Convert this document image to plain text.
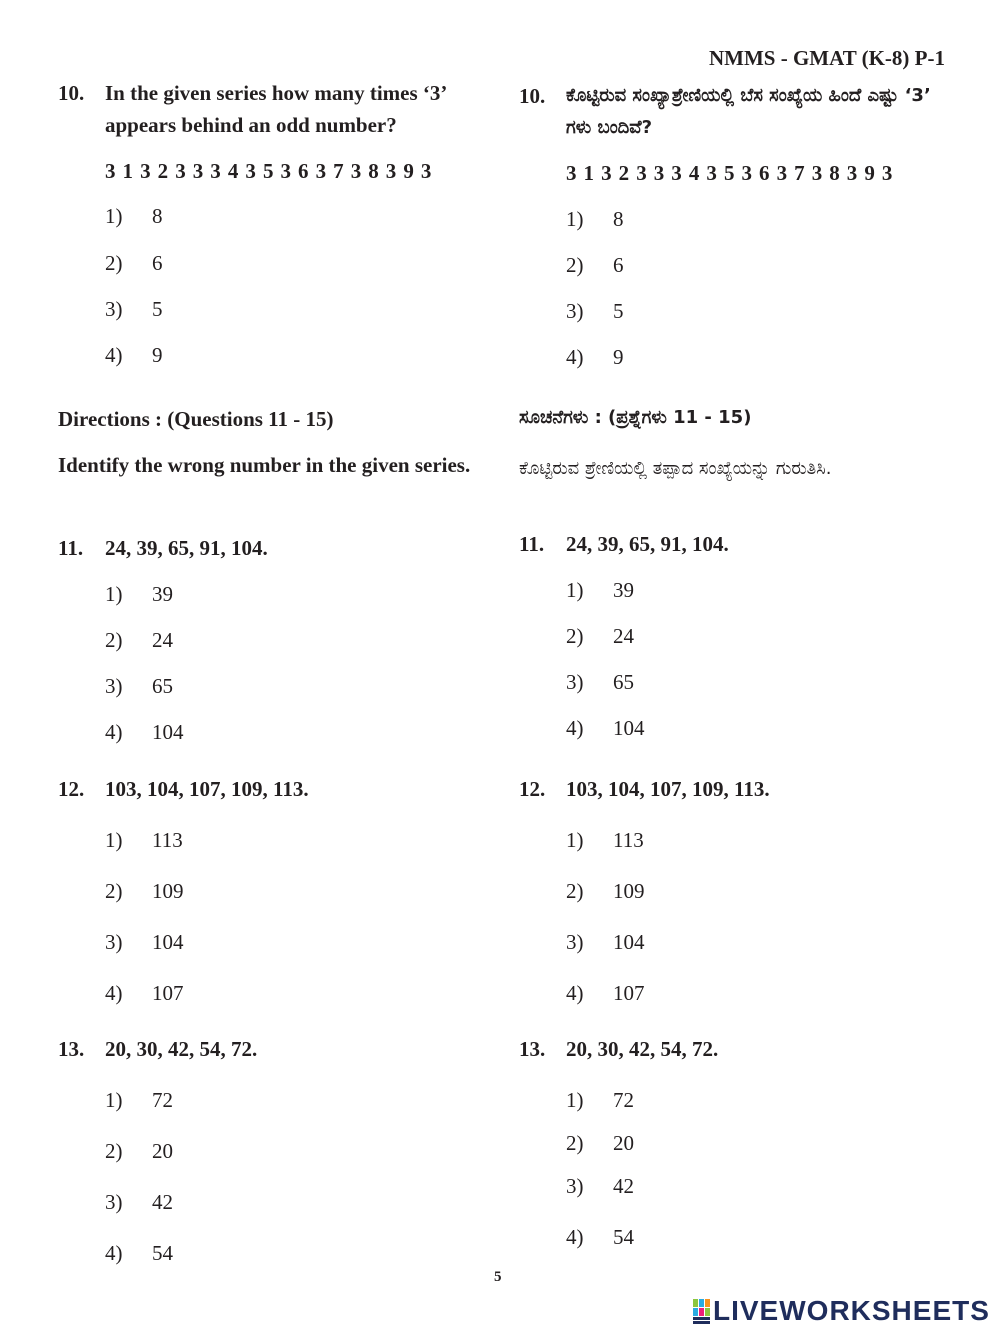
NMMS - GMAT (K-8) P-1
10. In the given series how many times ‘3’ appears behind an odd number?
3 1 3 2 3 3 3 4 3 5 3 6 3 7 3 8 3 9 3
1) 8
2) 6
3) 5
4) 9
Directions : (Questions 11 - 15)
Identify the wrong number in the given series.
11. 24, 39, 65, 91, 104.
1) 39
2) 24
3) 65
4) 104
12. 103, 104, 107, 109, 113.
1) 113
2) 109
3) 104
4) 107
13. 20, 30, 42, 54, 72.
1) 72
2) 20
3) 42
4) 54
10. ಕೊಟ್ಟಿರುವ ಸಂಖ್ಯಾಶ್ರೇಣಿಯಲ್ಲಿ ಬೆಸ ಸಂಖ್ಯೆಯ ಹಿಂದೆ ಎಷ್ಟು ‘3’ ಗಳು ಬಂದಿವೆ?
3 1 3 2 3 3 3 4 3 5 3 6 3 7 3 8 3 9 3
1) 8
2) 6
3) 5
4) 9
ಸೂಚನೆಗಳು : (ಪ್ರಶ್ನೆಗಳು 11 - 15)
ಕೊಟ್ಟಿರುವ ಶ್ರೇಣಿಯಲ್ಲಿ ತಪ್ಪಾದ ಸಂಖ್ಯೆಯನ್ನು ಗುರುತಿಸಿ.
11. 24, 39, 65, 91, 104.
1) 39
2) 24
3) 65
4) 104
12. 103, 104, 107, 109, 113.
1) 113
2) 109
3) 104
4) 107
13. 20, 30, 42, 54, 72.
1) 72
2) 20
3) 42
4) 54
5
LIVEWORKSHEETS
